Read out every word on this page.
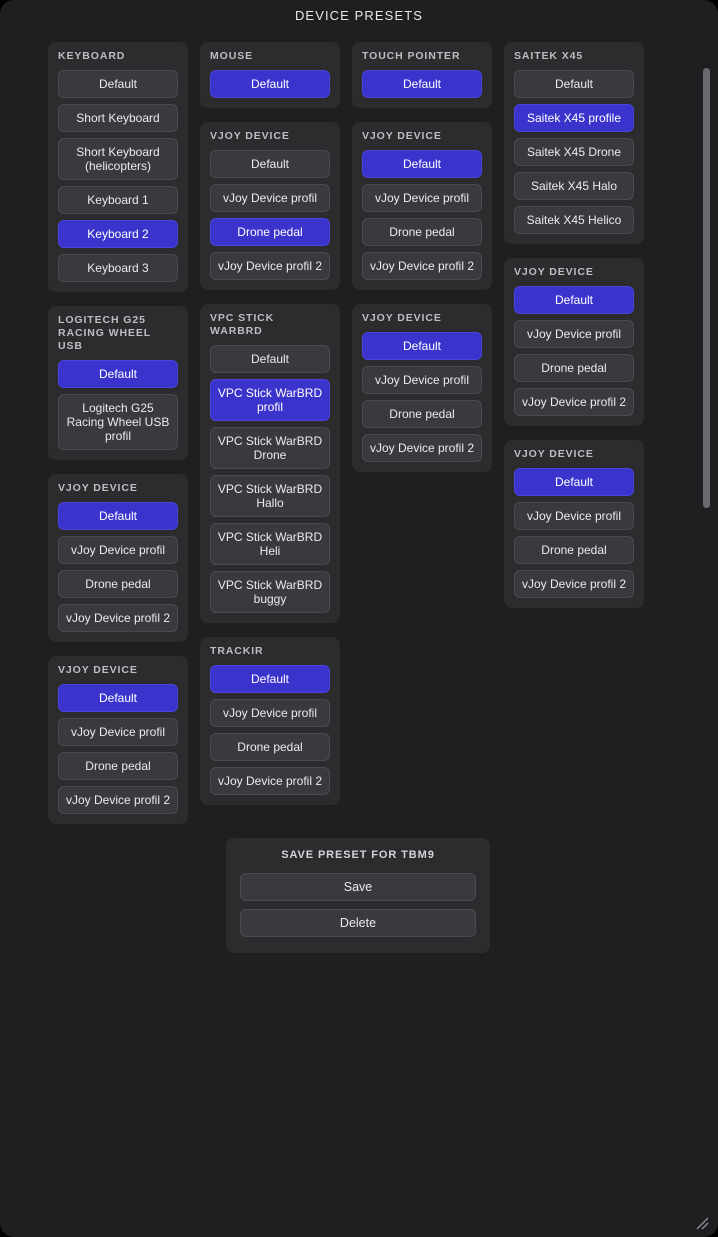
DEVICE PRESETS
KEYBOARD
Default
Short Keyboard
Short Keyboard (helicopters)
Keyboard 1
Keyboard 2
Keyboard 3
LOGITECH G25 RACING WHEEL USB
Default
Logitech G25 Racing Wheel USB profil
VJOY DEVICE
Default
vJoy Device profil
Drone pedal
vJoy Device profil 2
VJOY DEVICE
Default
vJoy Device profil
Drone pedal
vJoy Device profil 2
MOUSE
Default
VJOY DEVICE
Default
vJoy Device profil
Drone pedal
vJoy Device profil 2
VPC STICK WARBRD
Default
VPC Stick WarBRD profil
VPC Stick WarBRD Drone
VPC Stick WarBRD Hallo
VPC Stick WarBRD Heli
VPC Stick WarBRD buggy
TRACKIR
Default
vJoy Device profil
Drone pedal
vJoy Device profil 2
TOUCH POINTER
Default
VJOY DEVICE
Default
vJoy Device profil
Drone pedal
vJoy Device profil 2
VJOY DEVICE
Default
vJoy Device profil
Drone pedal
vJoy Device profil 2
SAITEK X45
Default
Saitek X45 profile
Saitek X45 Drone
Saitek X45 Halo
Saitek X45 Helico
VJOY DEVICE
Default
vJoy Device profil
Drone pedal
vJoy Device profil 2
VJOY DEVICE
Default
vJoy Device profil
Drone pedal
vJoy Device profil 2
SAVE PRESET FOR TBM9
Save
Delete
